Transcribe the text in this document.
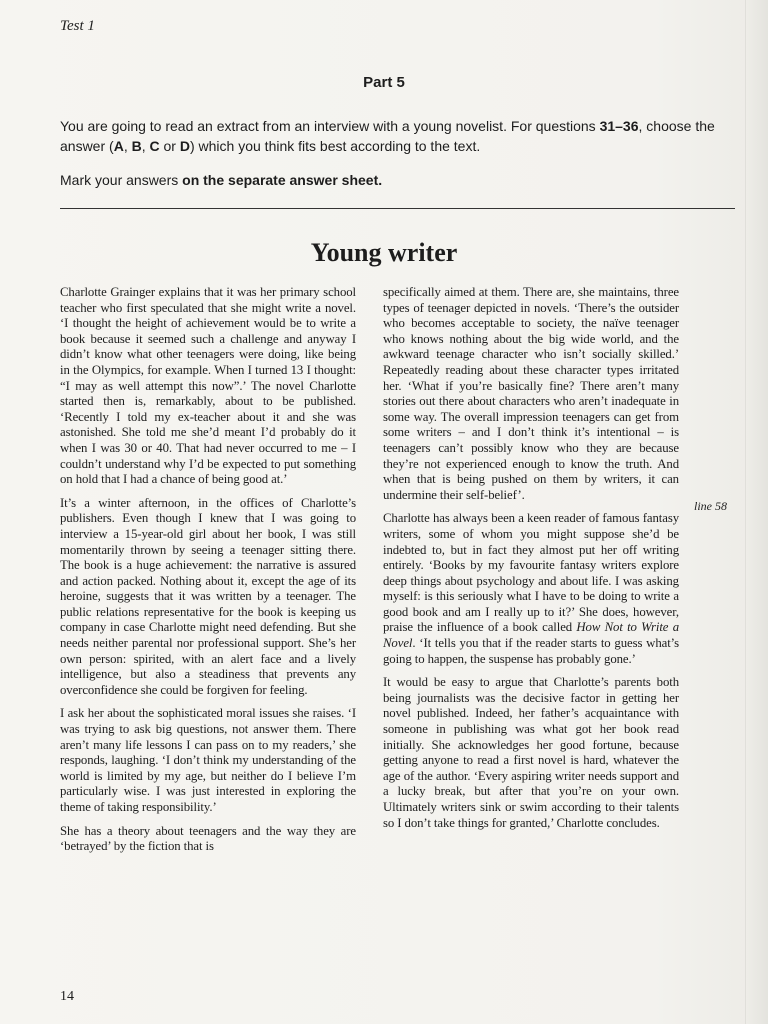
Test 1
Part 5

You are going to read an extract from an interview with a young novelist. For questions 31–36, choose the answer (A, B, C or D) which you think fits best according to the text.

Mark your answers on the separate answer sheet.

Young writer

Charlotte Grainger explains that it was her primary school teacher who first speculated that she might write a novel. ‘I thought the height of achievement would be to write a book because it seemed such a challenge and anyway I didn’t know what other teenagers were doing, like being in the Olympics, for example. When I turned 13 I thought: “I may as well attempt this now”.’ The novel Charlotte started then is, remarkably, about to be published. ‘Recently I told my ex-teacher about it and she was astonished. She told me she’d meant I’d probably do it when I was 30 or 40. That had never occurred to me – I couldn’t understand why I’d be expected to put something on hold that I had a chance of being good at.’

It’s a winter afternoon, in the offices of Charlotte’s publishers. Even though I knew that I was going to interview a 15-year-old girl about her book, I was still momentarily thrown by seeing a teenager sitting there. The book is a huge achievement: the narrative is assured and action packed. Nothing about it, except the age of its heroine, suggests that it was written by a teenager. The public relations representative for the book is keeping us company in case Charlotte might need defending. But she needs neither parental nor professional support. She’s her own person: spirited, with an alert face and a lively intelligence, but also a steadiness that prevents any overconfidence she could be forgiven for feeling.

I ask her about the sophisticated moral issues she raises. ‘I was trying to ask big questions, not answer them. There aren’t many life lessons I can pass on to my readers,’ she responds, laughing. ‘I don’t think my understanding of the world is limited by my age, but neither do I believe I’m particularly wise. I was just interested in exploring the theme of taking responsibility.’

She has a theory about teenagers and the way they are ‘betrayed’ by the fiction that is

specifically aimed at them. There are, she maintains, three types of teenager depicted in novels. ‘There’s the outsider who becomes acceptable to society, the naïve teenager who knows nothing about the big wide world, and the awkward teenage character who isn’t socially skilled.’ Repeatedly reading about these character types irritated her. ‘What if you’re basically fine? There aren’t many stories out there about characters who aren’t inadequate in some way. The overall impression teenagers can get from some writers – and I don’t think it’s intentional – is teenagers can’t possibly know who they are because they’re not experienced enough to know the truth. And when that is being pushed on them by writers, it can undermine their self-belief’.

Charlotte has always been a keen reader of famous fantasy writers, some of whom you might suppose she’d be indebted to, but in fact they almost put her off writing entirely. ‘Books by my favourite fantasy writers explore deep things about psychology and about life. I was asking myself: is this seriously what I have to be doing to write a good book and am I really up to it?’ She does, however, praise the influence of a book called How Not to Write a Novel. ‘It tells you that if the reader starts to guess what’s going to happen, the suspense has probably gone.’

It would be easy to argue that Charlotte’s parents both being journalists was the decisive factor in getting her novel published. Indeed, her father’s acquaintance with someone in publishing was what got her book read initially. She acknowledges her good fortune, because getting anyone to read a first novel is hard, whatever the age of the author. ‘Every aspiring writer needs support and a lucky break, but after that you’re on your own. Ultimately writers sink or swim according to their talents so I don’t take things for granted,’ Charlotte concludes.

line 58
14
